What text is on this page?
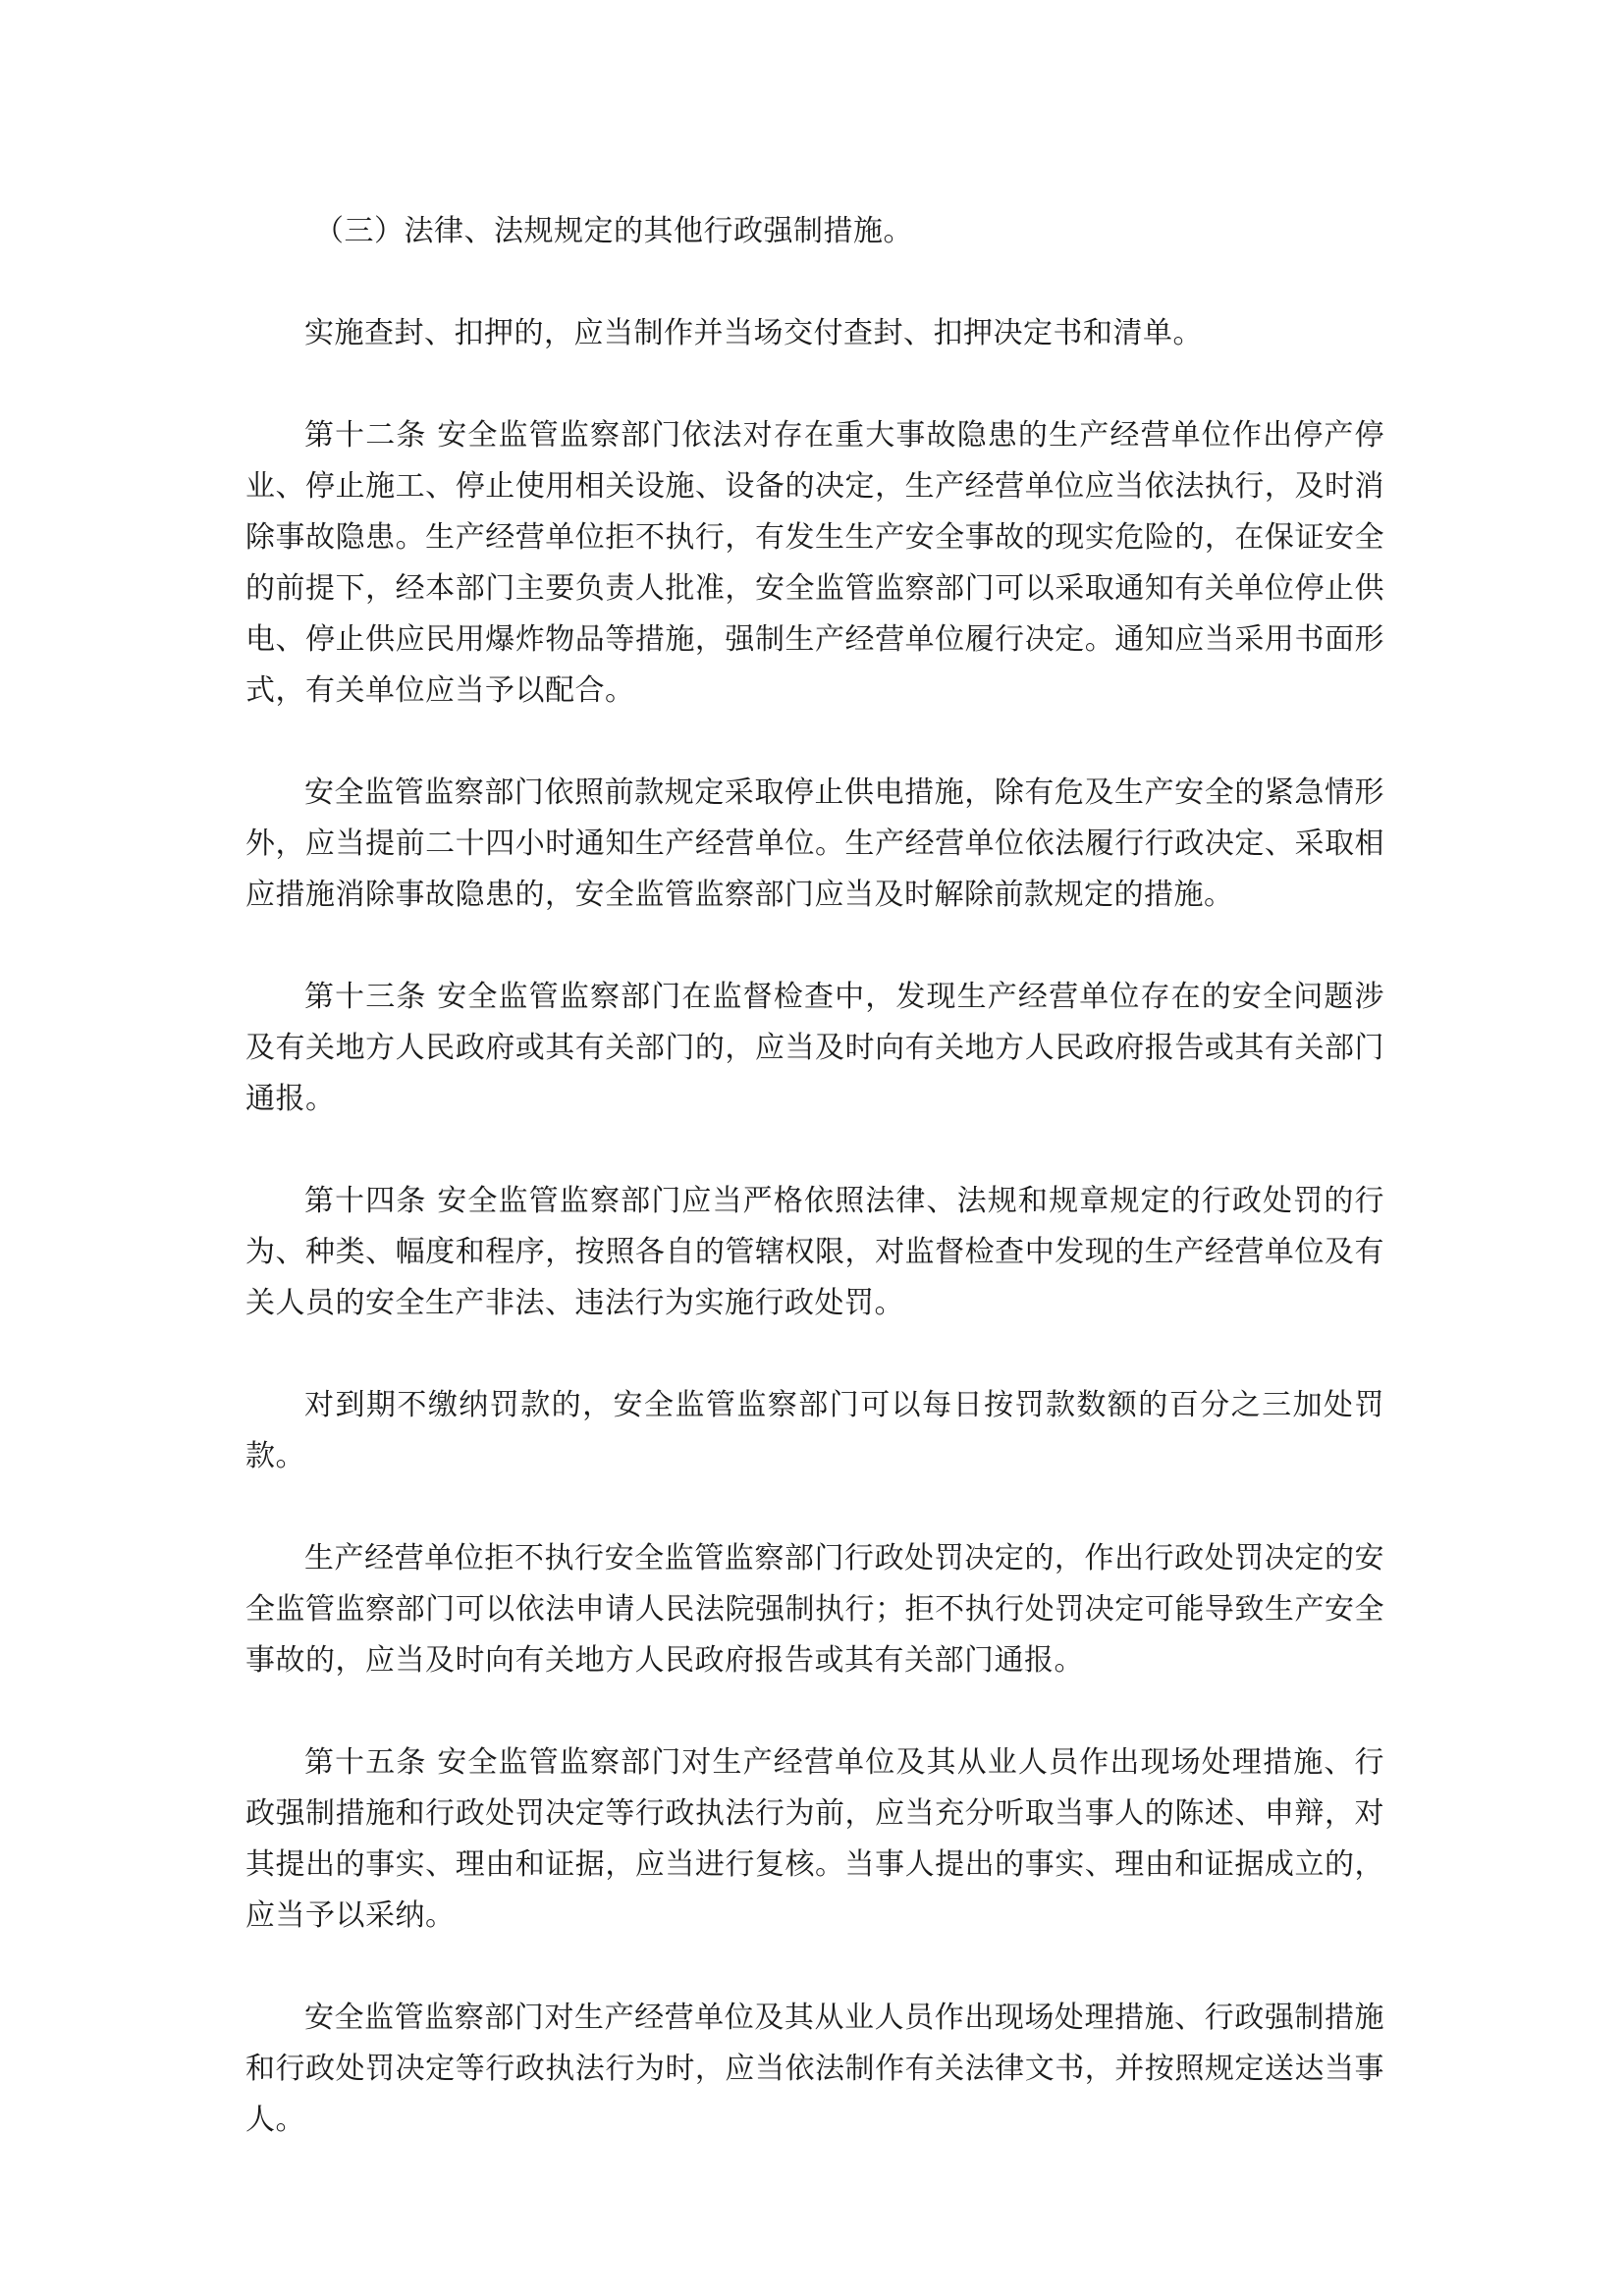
（三）法律、法规规定的其他行政强制措施。

实施查封、扣押的，应当制作并当场交付查封、扣押决定书和清单。

第十二条 安全监管监察部门依法对存在重大事故隐患的生产经营单位作出停产停业、停止施工、停止使用相关设施、设备的决定，生产经营单位应当依法执行，及时消除事故隐患。生产经营单位拒不执行，有发生生产安全事故的现实危险的，在保证安全的前提下，经本部门主要负责人批准，安全监管监察部门可以采取通知有关单位停止供电、停止供应民用爆炸物品等措施，强制生产经营单位履行决定。通知应当采用书面形式，有关单位应当予以配合。

安全监管监察部门依照前款规定采取停止供电措施，除有危及生产安全的紧急情形外，应当提前二十四小时通知生产经营单位。生产经营单位依法履行行政决定、采取相应措施消除事故隐患的，安全监管监察部门应当及时解除前款规定的措施。

第十三条 安全监管监察部门在监督检查中，发现生产经营单位存在的安全问题涉及有关地方人民政府或其有关部门的，应当及时向有关地方人民政府报告或其有关部门通报。

第十四条 安全监管监察部门应当严格依照法律、法规和规章规定的行政处罚的行为、种类、幅度和程序，按照各自的管辖权限，对监督检查中发现的生产经营单位及有关人员的安全生产非法、违法行为实施行政处罚。

对到期不缴纳罚款的，安全监管监察部门可以每日按罚款数额的百分之三加处罚款。

生产经营单位拒不执行安全监管监察部门行政处罚决定的，作出行政处罚决定的安全监管监察部门可以依法申请人民法院强制执行；拒不执行处罚决定可能导致生产安全事故的，应当及时向有关地方人民政府报告或其有关部门通报。

第十五条 安全监管监察部门对生产经营单位及其从业人员作出现场处理措施、行政强制措施和行政处罚决定等行政执法行为前，应当充分听取当事人的陈述、申辩，对其提出的事实、理由和证据，应当进行复核。当事人提出的事实、理由和证据成立的，应当予以采纳。

安全监管监察部门对生产经营单位及其从业人员作出现场处理措施、行政强制措施和行政处罚决定等行政执法行为时，应当依法制作有关法律文书，并按照规定送达当事人。
